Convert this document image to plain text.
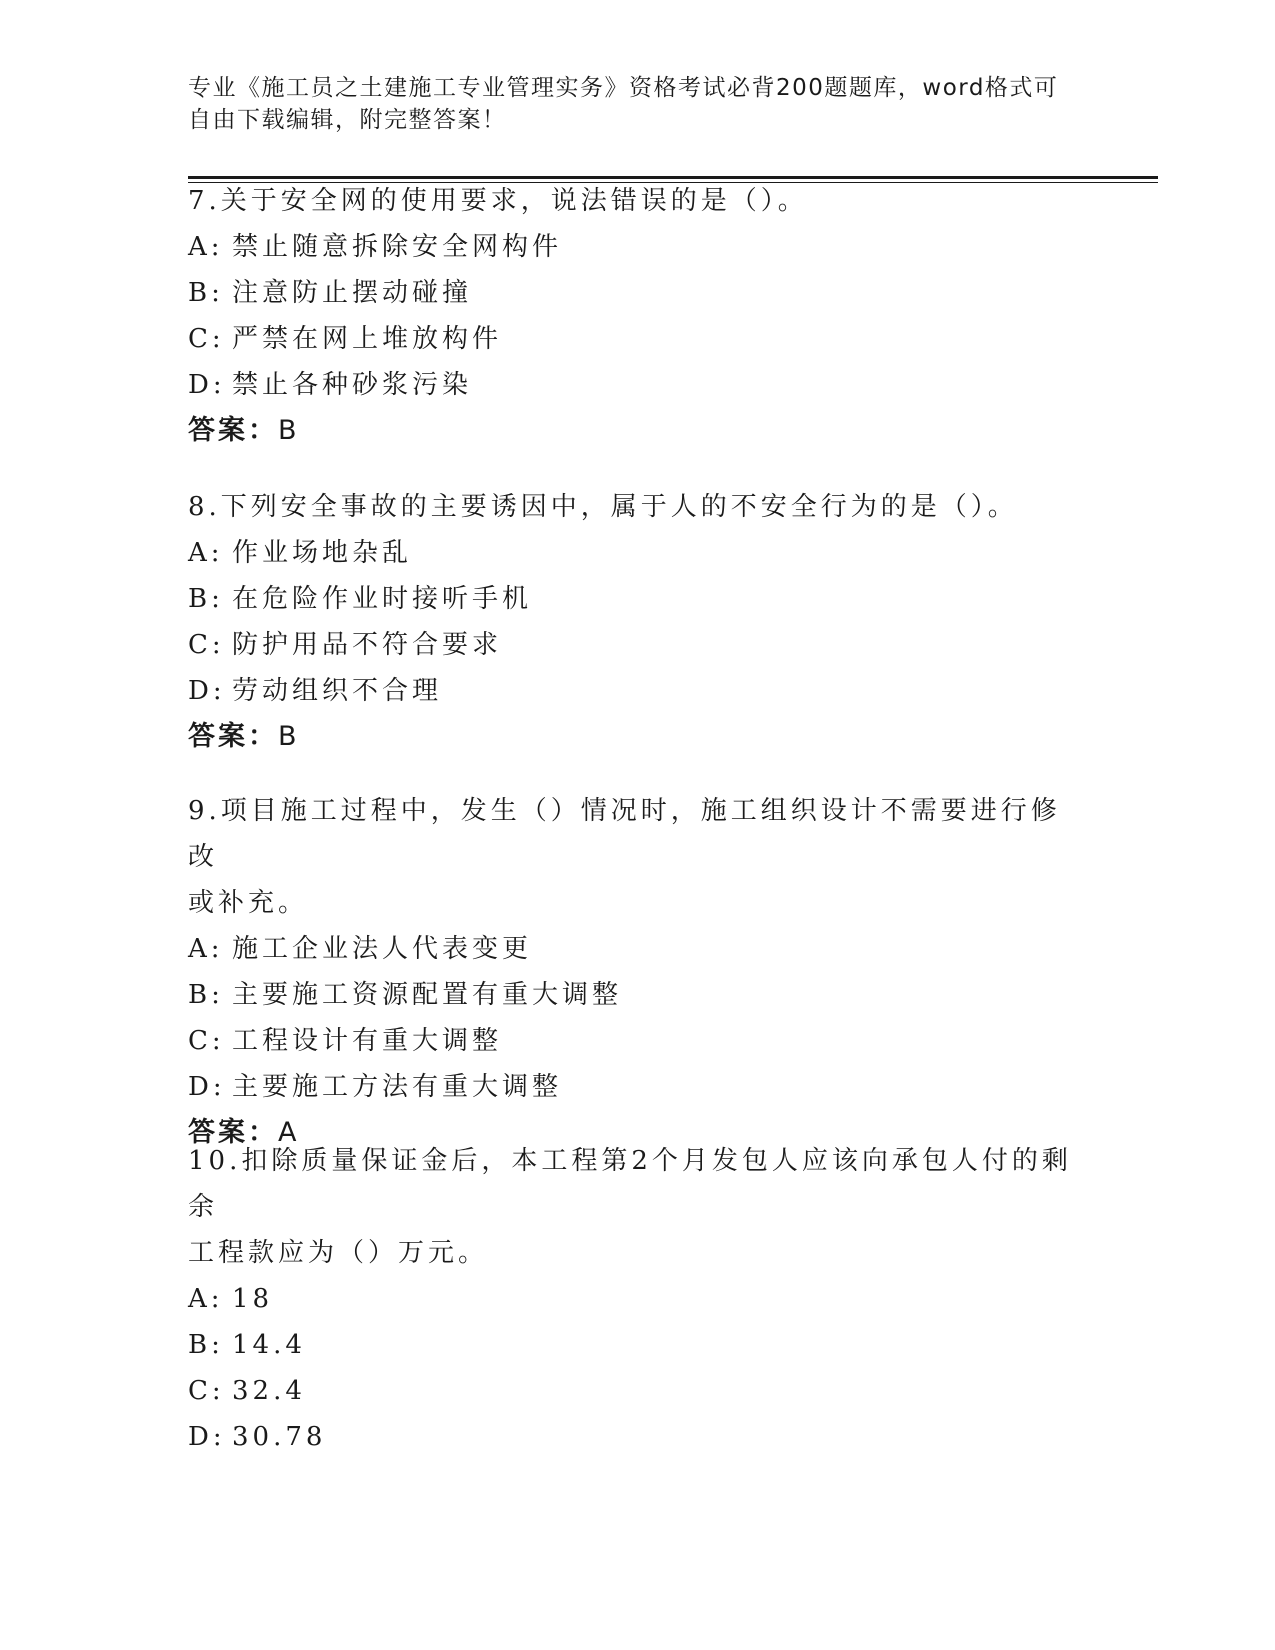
专业《施工员之土建施工专业管理实务》资格考试必背200题题库，word格式可
自由下载编辑，附完整答案！

7.关于安全网的使用要求，说法错误的是（）。

A: 禁止随意拆除安全网构件
B: 注意防止摆动碰撞
C: 严禁在网上堆放构件
D: 禁止各种砂浆污染
答案：B

8.下列安全事故的主要诱因中，属于人的不安全行为的是（）。

A: 作业场地杂乱
B: 在危险作业时接听手机
C: 防护用品不符合要求
D: 劳动组织不合理
答案：B

9.项目施工过程中，发生（）情况时，施工组织设计不需要进行修改
或补充。

A: 施工企业法人代表变更
B: 主要施工资源配置有重大调整
C: 工程设计有重大调整
D: 主要施工方法有重大调整
答案：A

10.扣除质量保证金后，本工程第2个月发包人应该向承包人付的剩余
工程款应为（）万元。

A: 18
B: 14.4
C: 32.4
D: 30.78
